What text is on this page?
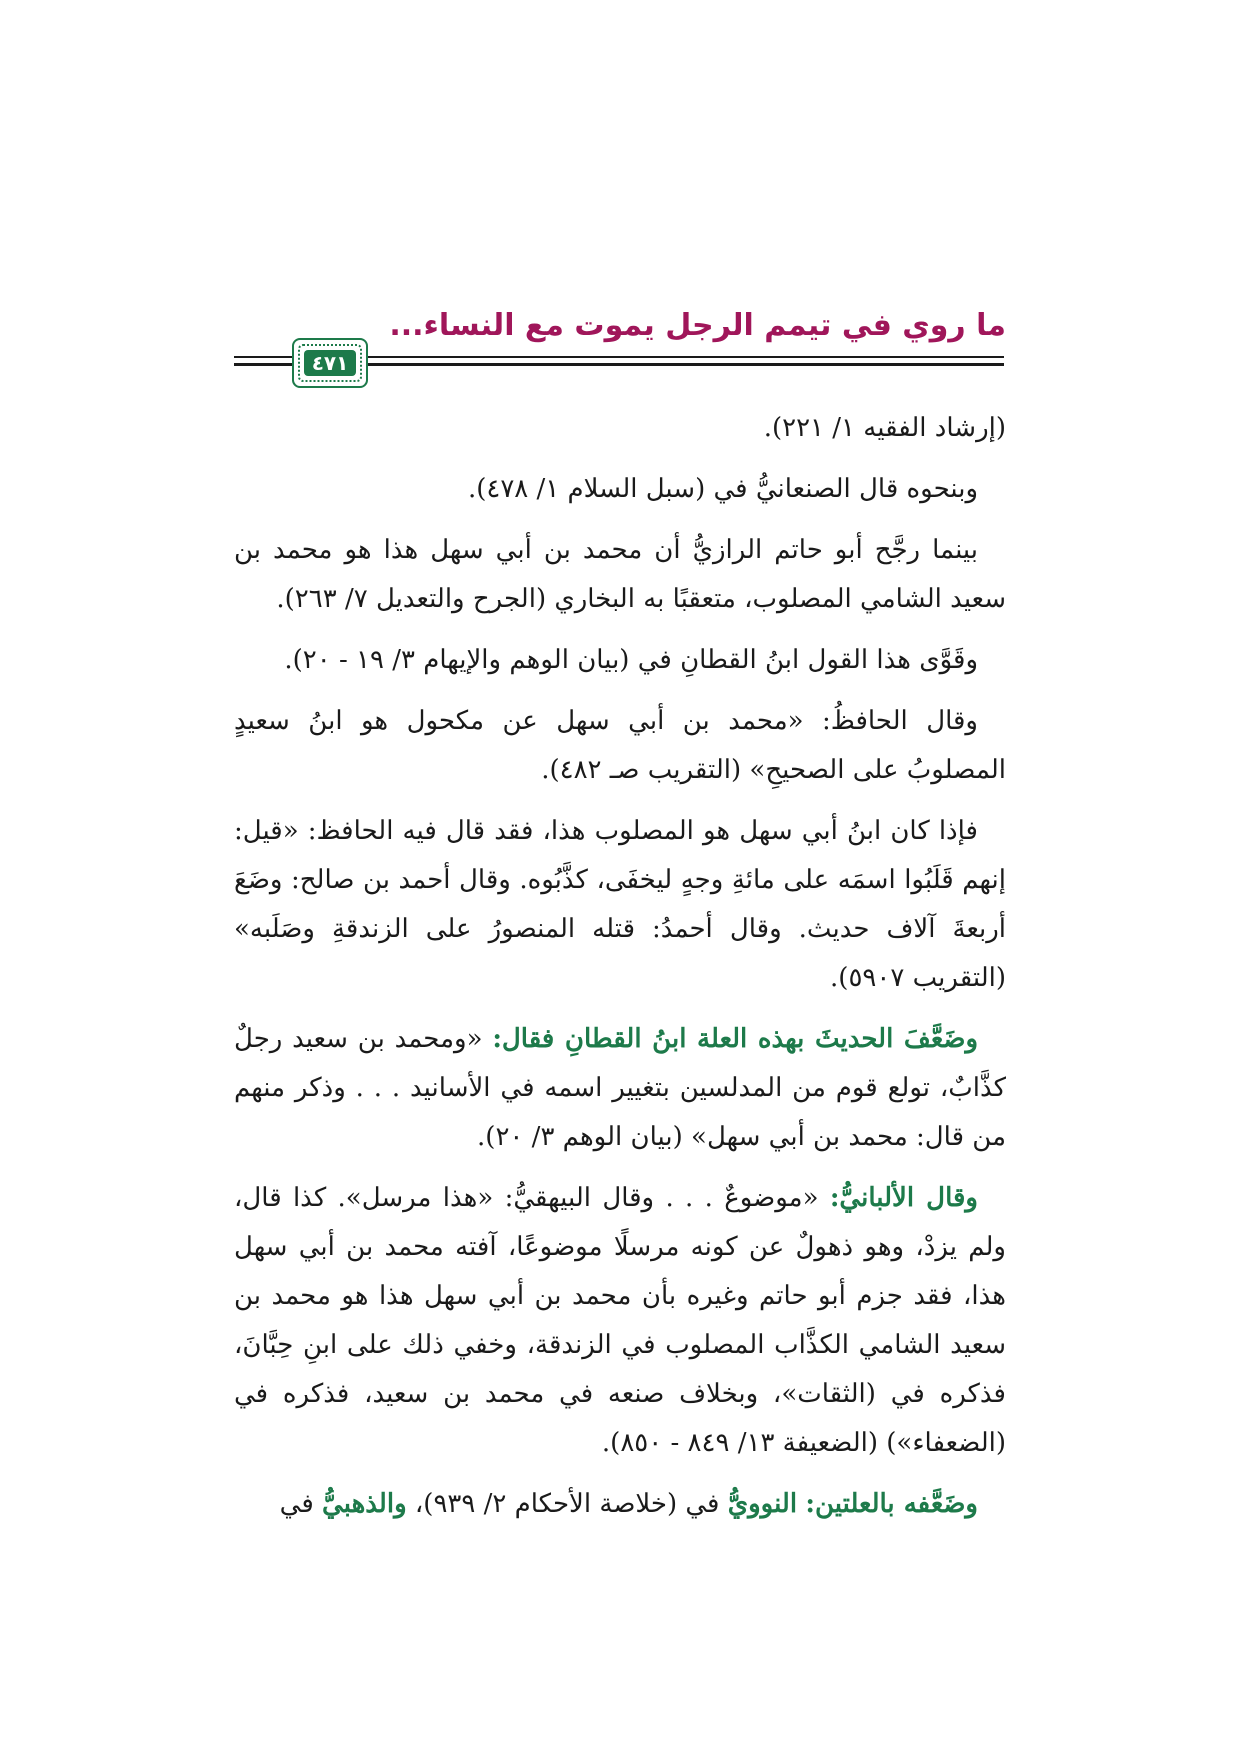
ما روي في تيمم الرجل يموت مع النساء...
٤٧١

(إرشاد الفقيه ١/ ٢٢١).

وبنحوه قال الصنعانيُّ في (سبل السلام ١/ ٤٧٨).

بينما رجَّح أبو حاتم الرازيُّ أن محمد بن أبي سهل هذا هو محمد بن سعيد الشامي المصلوب، متعقبًا به البخاري (الجرح والتعديل ٧/ ٢٦٣).

وقَوَّى هذا القول ابنُ القطانِ في (بيان الوهم والإيهام ٣/ ١٩ - ٢٠).

وقال الحافظُ: «محمد بن أبي سهل عن مكحول هو ابنُ سعيدٍ المصلوبُ على الصحيحِ» (التقريب صـ ٤٨٢).

فإذا كان ابنُ أبي سهل هو المصلوب هذا، فقد قال فيه الحافظ: «قيل: إنهم قَلَبُوا اسمَه على مائةِ وجهٍ ليخفَى، كذَّبُوه. وقال أحمد بن صالح: وضَعَ أربعةَ آلاف حديث. وقال أحمدُ: قتله المنصورُ على الزندقةِ وصَلَبه» (التقريب ٥٩٠٧).

وضَعَّفَ الحديثَ بهذه العلة ابنُ القطانِ فقال: «ومحمد بن سعيد رجلٌ كذَّابٌ، تولع قوم من المدلسين بتغيير اسمه في الأسانيد . . . وذكر منهم من قال: محمد بن أبي سهل» (بيان الوهم ٣/ ٢٠).

وقال الألبانيُّ: «موضوعٌ . . . وقال البيهقيُّ: «هذا مرسل». كذا قال، ولم يزدْ، وهو ذهولٌ عن كونه مرسلًا موضوعًا، آفته محمد بن أبي سهل هذا، فقد جزم أبو حاتم وغيره بأن محمد بن أبي سهل هذا هو محمد بن سعيد الشامي الكذَّاب المصلوب في الزندقة، وخفي ذلك على ابنِ حِبَّانَ، فذكره في (الثقات»، وبخلاف صنعه في محمد بن سعيد، فذكره في (الضعفاء») (الضعيفة ١٣/ ٨٤٩ - ٨٥٠).

وضَعَّفه بالعلتين: النوويُّ في (خلاصة الأحكام ٢/ ٩٣٩)، والذهبيُّ في
